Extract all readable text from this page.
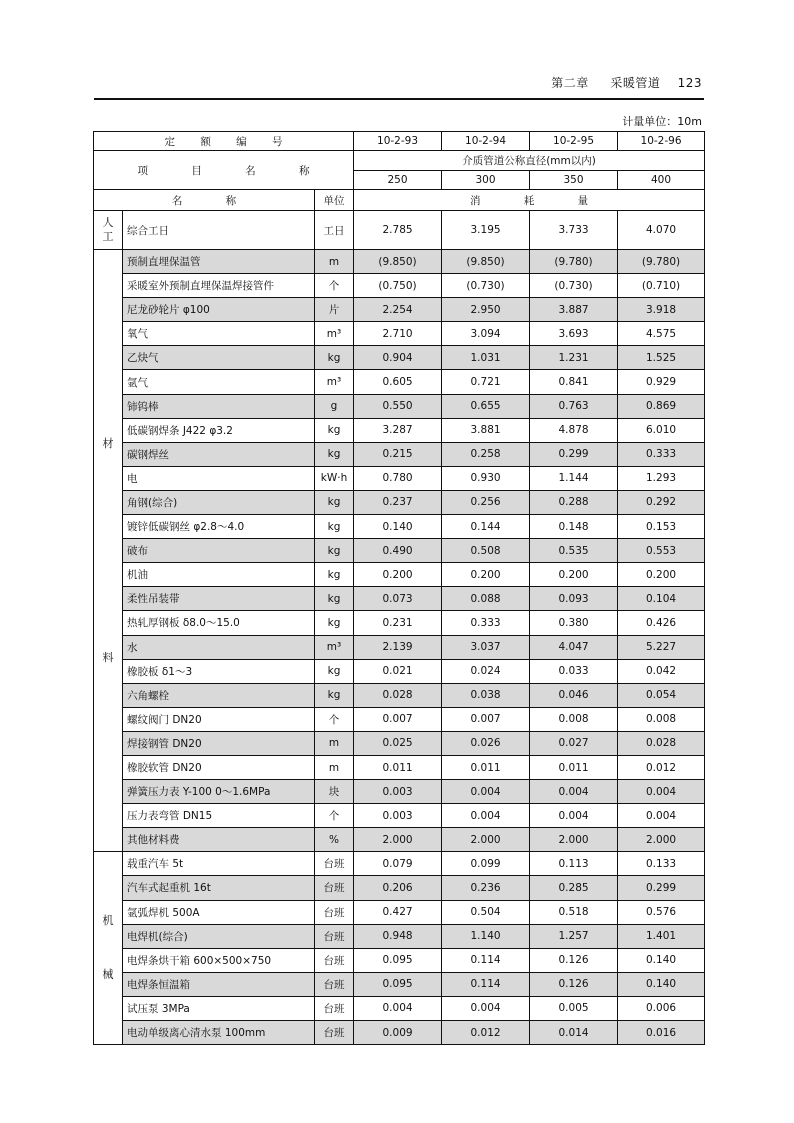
第二章 采暖管道 123
计量单位：10m
定 额 编 号			10-2-93	10-2-94	10-2-95	10-2-96
项 目 名 称			介质管道公称直径(mm以内)			
			250	300	350	400
名 称		单位	消 耗 量			
人工	综合工日	工日	2.785	3.195	3.733	4.070

材
料	预制直埋保温管	m	(9.850)	(9.850)	(9.780)	(9.780)
	采暖室外预制直埋保温焊接管件	个	(0.750)	(0.730)	(0.730)	(0.710)
	尼龙砂轮片 φ100	片	2.254	2.950	3.887	3.918
	氧气	m³	2.710	3.094	3.693	4.575
	乙炔气	kg	0.904	1.031	1.231	1.525
	氩气	m³	0.605	0.721	0.841	0.929
	铈钨棒	g	0.550	0.655	0.763	0.869
	低碳钢焊条 J422 φ3.2	kg	3.287	3.881	4.878	6.010
	碳钢焊丝	kg	0.215	0.258	0.299	0.333
	电	kW·h	0.780	0.930	1.144	1.293
	角钢(综合)	kg	0.237	0.256	0.288	0.292
	镀锌低碳钢丝 φ2.8～4.0	kg	0.140	0.144	0.148	0.153
	破布	kg	0.490	0.508	0.535	0.553
	机油	kg	0.200	0.200	0.200	0.200
	柔性吊装带	kg	0.073	0.088	0.093	0.104
	热轧厚钢板 δ8.0～15.0	kg	0.231	0.333	0.380	0.426
	水	m³	2.139	3.037	4.047	5.227
	橡胶板 δ1～3	kg	0.021	0.024	0.033	0.042
	六角螺栓	kg	0.028	0.038	0.046	0.054
	螺纹阀门 DN20	个	0.007	0.007	0.008	0.008
	焊接钢管 DN20	m	0.025	0.026	0.027	0.028
	橡胶软管 DN20	m	0.011	0.011	0.011	0.012
	弹簧压力表 Y-100 0～1.6MPa	块	0.003	0.004	0.004	0.004
	压力表弯管 DN15	个	0.003	0.004	0.004	0.004
	其他材料费	%	2.000	2.000	2.000	2.000

机
械	载重汽车 5t	台班	0.079	0.099	0.113	0.133
	汽车式起重机 16t	台班	0.206	0.236	0.285	0.299
	氩弧焊机 500A	台班	0.427	0.504	0.518	0.576
	电焊机(综合)	台班	0.948	1.140	1.257	1.401
	电焊条烘干箱 600×500×750	台班	0.095	0.114	0.126	0.140
	电焊条恒温箱	台班	0.095	0.114	0.126	0.140
	试压泵 3MPa	台班	0.004	0.004	0.005	0.006
	电动单级离心清水泵 100mm	台班	0.009	0.012	0.014	0.016
